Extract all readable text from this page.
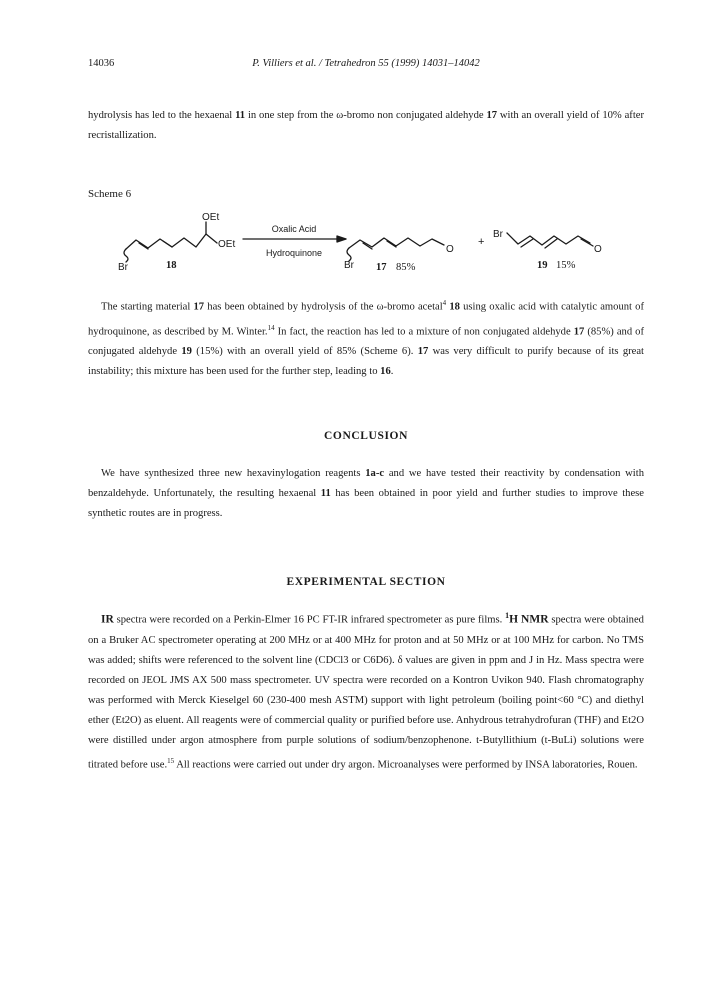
14036	P. Villiers et al. / Tetrahedron 55 (1999) 14031–14042

hydrolysis has led to the hexaenal 11 in one step from the ω-bromo non conjugated aldehyde 17 with an overall yield of 10% after recristallization.

Scheme 6
OEt
OEt
Br	18
Oxalic Acid
Hydroquinone	O
Br 17 85%
+
Br
O
19 15%

The starting material 17 has been obtained by hydrolysis of the ω-bromo acetal$^4$ 18 using oxalic acid with catalytic amount of hydroquinone, as described by M. Winter.$^{14}$ In fact, the reaction has led to a mixture of non conjugated aldehyde 17 (85%) and of conjugated aldehyde 19 (15%) with an overall yield of 85% (Scheme 6). 17 was very difficult to purify because of its great instability; this mixture has been used for the further step, leading to 16.

CONCLUSION

We have synthesized three new hexavinylogation reagents 1a-c and we have tested their reactivity by condensation with benzaldehyde. Unfortunately, the resulting hexaenal 11 has been obtained in poor yield and further studies to improve these synthetic routes are in progress.

EXPERIMENTAL SECTION

IR spectra were recorded on a Perkin-Elmer 16 PC FT-IR infrared spectrometer as pure films. $^1$H NMR spectra were obtained on a Bruker AC spectrometer operating at 200 MHz or at 400 MHz for proton and at 50 MHz or at 100 MHz for carbon. No TMS was added; shifts were referenced to the solvent line (CDCl3 or C6D6). δ values are given in ppm and J in Hz. Mass spectra were recorded on JEOL JMS AX 500 mass spectrometer. UV spectra were recorded on a Kontron Uvikon 940. Flash chromatography was performed with Merck Kieselgel 60 (230-400 mesh ASTM) support with light petroleum (boiling point<60 °C) and diethyl ether (Et2O) as eluent. All reagents were of commercial quality or purified before use. Anhydrous tetrahydrofuran (THF) and Et2O were distilled under argon atmosphere from purple solutions of sodium/benzophenone. t-Butyllithium (t-BuLi) solutions were titrated before use.$^{15}$ All reactions were carried out under dry argon. Microanalyses were performed by INSA laboratories, Rouen.
